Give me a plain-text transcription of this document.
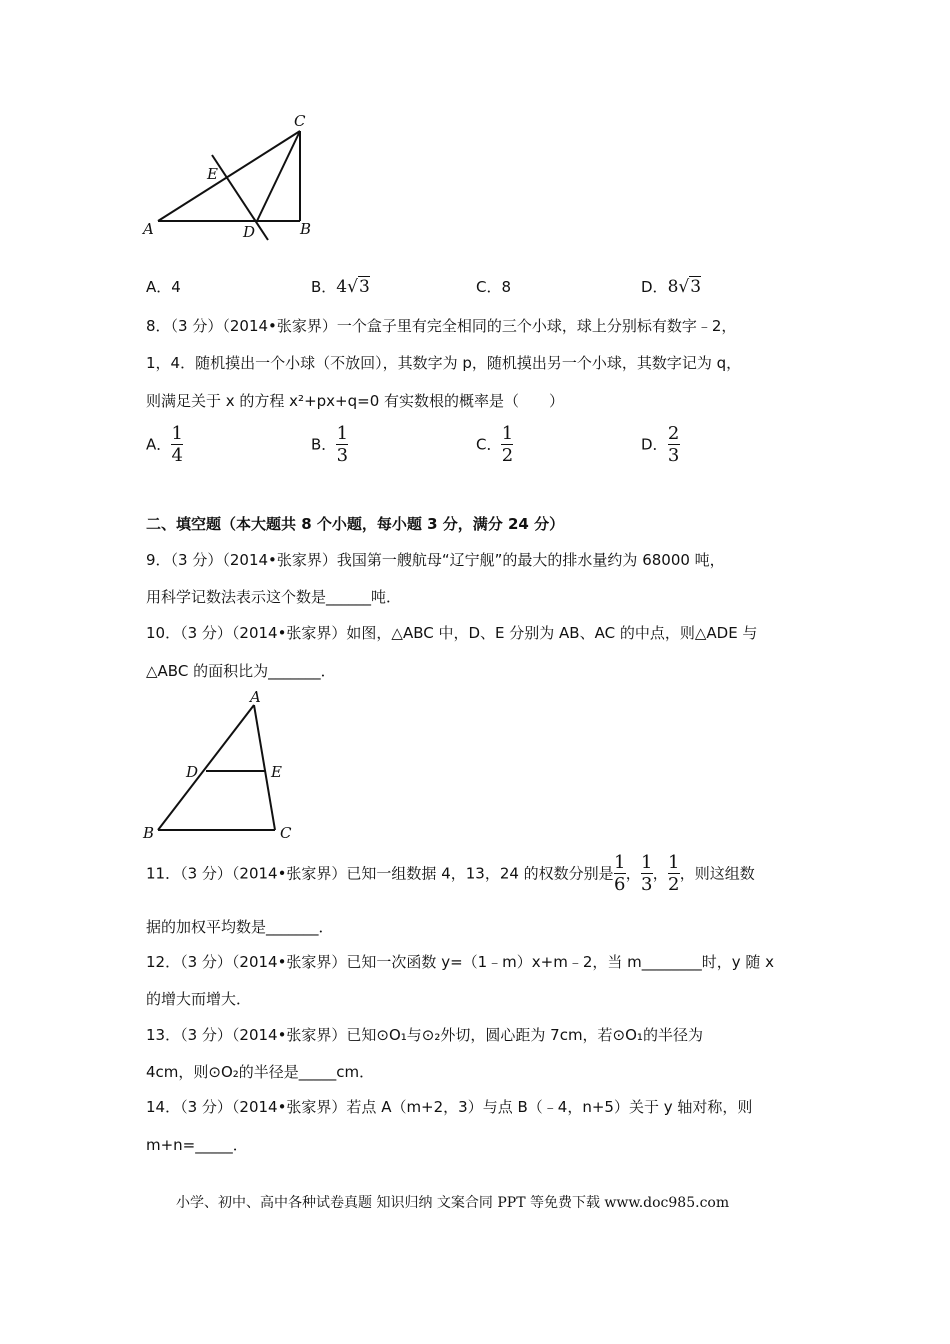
C
E
A	D	B
A．4	B．4√3	C．8	D．8√3
8．（3 分）（2014•张家界）一个盒子里有完全相同的三个小球，球上分别标有数字﹣2，
1，4．随机摸出一个小球（不放回），其数字为 p，随机摸出另一个小球，其数字记为 q，
则满足关于 x 的方程 x²+px+q=0 有实数根的概率是（　　）
A． $\frac{1}{4}$	B． $\frac{1}{3}$	C． $\frac{1}{2}$	D． $\frac{2}{3}$
二、填空题（本大题共 8 个小题，每小题 3 分，满分 24 分）
9．（3 分）（2014•张家界）我国第一艘航母“辽宁舰”的最大的排水量约为 68000 吨，
用科学记数法表示这个数是______吨．
10．（3 分）（2014•张家界）如图，△ABC 中，D、E 分别为 AB、AC 的中点，则△ADE 与
△ABC 的面积比为_______．
A
D	E
B	C
11．（3 分）（2014•张家界）已知一组数据 4，13，24 的权数分别是 $\frac{1}{6}$ ， $\frac{1}{3}$ ， $\frac{1}{2}$ ，则这组数
据的加权平均数是_______．
12．（3 分）（2014•张家界）已知一次函数 y=（1﹣m）x+m﹣2，当 m________时，y 随 x
的增大而增大．
13．（3 分）（2014•张家界）已知⊙O₁与⊙₂外切，圆心距为 7cm，若⊙O₁的半径为
4cm，则⊙O₂的半径是_____cm．
14．（3 分）（2014•张家界）若点 A（m+2，3）与点 B（﹣4，n+5）关于 y 轴对称，则
m+n=_____．
小学、初中、高中各种试卷真题 知识归纳 文案合同 PPT 等免费下载 www.doc985.com
